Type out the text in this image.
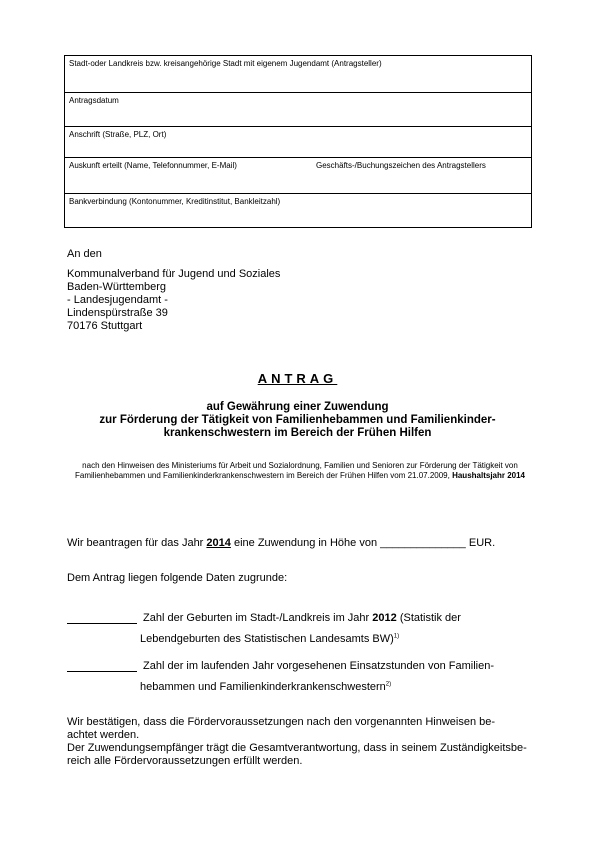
Stadt-oder Landkreis bzw. kreisangehörige Stadt mit eigenem Jugendamt (Antragsteller)
Antragsdatum
Anschrift (Straße, PLZ, Ort)
Auskunft erteilt (Name, Telefonnummer, E-Mail)	Geschäfts-/Buchungszeichen des Antragstellers
Bankverbindung (Kontonummer, Kreditinstitut, Bankleitzahl)
An den
Kommunalverband für Jugend und Soziales
Baden-Württemberg
- Landesjugendamt -
Lindenspürstraße 39
70176 Stuttgart
ANTRAG
auf Gewährung einer Zuwendung
zur Förderung der Tätigkeit von Familienhebammen und Familienkinder-
krankenschwestern im Bereich der Frühen Hilfen
nach den Hinweisen des Ministeriums für Arbeit und Sozialordnung, Familien und Senioren zur Förderung der Tätigkeit von Familienhebammen und Familienkinderkrankenschwestern im Bereich der Frühen Hilfen vom 21.07.2009, Haushaltsjahr 2014
Wir beantragen für das Jahr 2014 eine Zuwendung in Höhe von ______________ EUR.
Dem Antrag liegen folgende Daten zugrunde:
Zahl der Geburten im Stadt-/Landkreis im Jahr 2012 (Statistik der
Lebendgeburten des Statistischen Landesamts BW)$^{1)}$
Zahl der im laufenden Jahr vorgesehenen Einsatzstunden von Familien-
hebammen und Familienkinderkrankenschwestern$^{2)}$
Wir bestätigen, dass die Fördervoraussetzungen nach den vorgenannten Hinweisen be-
achtet werden.
Der Zuwendungsempfänger trägt die Gesamtverantwortung, dass in seinem Zuständigkeitsbe-
reich alle Fördervoraussetzungen erfüllt werden.
